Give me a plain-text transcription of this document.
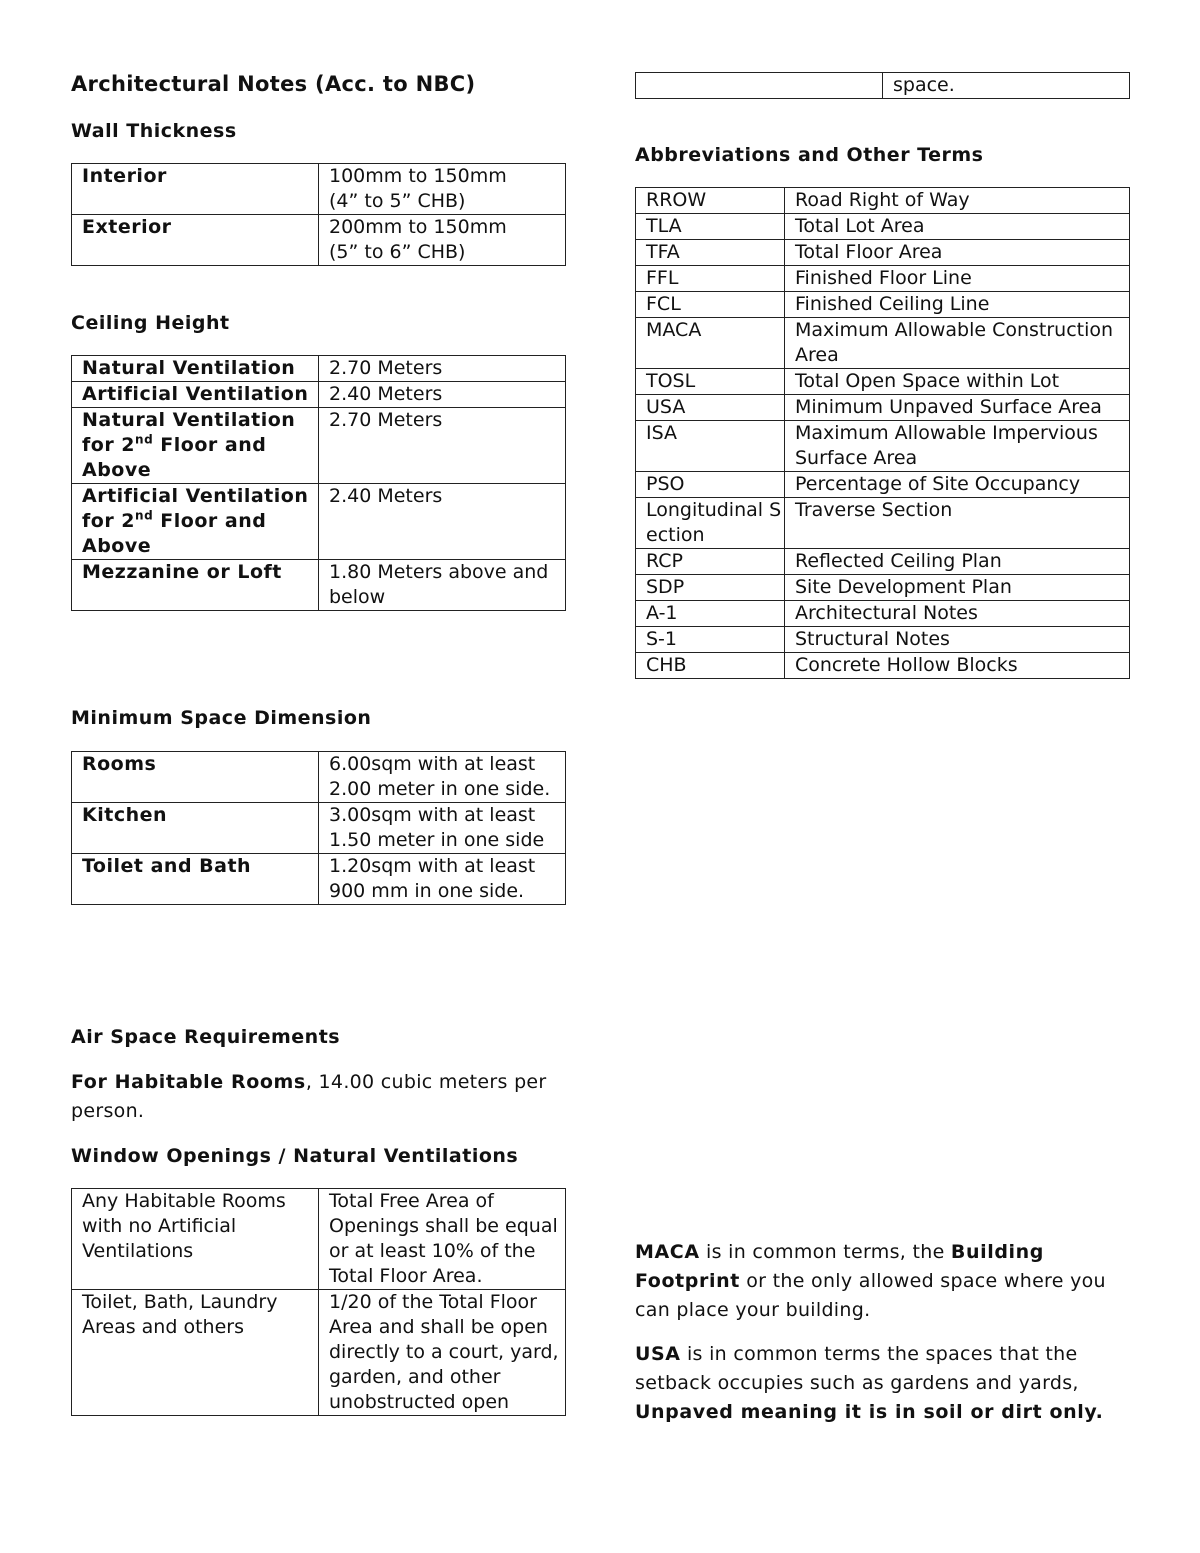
Architectural Notes (Acc. to NBC)
Wall Thickness
Interior	100mm to 150mm
(4” to 5” CHB)
Exterior	200mm to 150mm
(5” to 6” CHB)
Ceiling Height
Natural Ventilation	2.70 Meters
Artificial Ventilation	2.40 Meters
Natural Ventilation for 2nd Floor and Above	2.70 Meters
Artificial Ventilation for 2nd Floor and Above	2.40 Meters
Mezzanine or Loft	1.80 Meters above and below
Minimum Space Dimension
Rooms	6.00sqm with at least 2.00 meter in one side.
Kitchen	3.00sqm with at least 1.50 meter in one side
Toilet and Bath	1.20sqm with at least 900 mm in one side.
Air Space Requirements

For Habitable Rooms, 14.00 cubic meters per person.

Window Openings / Natural Ventilations
Any Habitable Rooms with no Artificial Ventilations	Total Free Area of Openings shall be equal or at least 10% of the Total Floor Area.
Toilet, Bath, Laundry Areas and others	1/20 of the Total Floor Area and shall be open directly to a court, yard, garden, and other unobstructed open
	space.
Abbreviations and Other Terms
RROW	Road Right of Way
TLA	Total Lot Area
TFA	Total Floor Area
FFL	Finished Floor Line
FCL	Finished Ceiling Line
MACA	Maximum Allowable Construction Area
TOSL	Total Open Space within Lot
USA	Minimum Unpaved Surface Area
ISA	Maximum Allowable Impervious Surface Area
PSO	Percentage of Site Occupancy
Longitudinal Section	Traverse Section
RCP	Reflected Ceiling Plan
SDP	Site Development Plan
A-1	Architectural Notes
S-1	Structural Notes
CHB	Concrete Hollow Blocks

MACA is in common terms, the Building Footprint or the only allowed space where you can place your building.

USA is in common terms the spaces that the setback occupies such as gardens and yards, Unpaved meaning it is in soil or dirt only.
